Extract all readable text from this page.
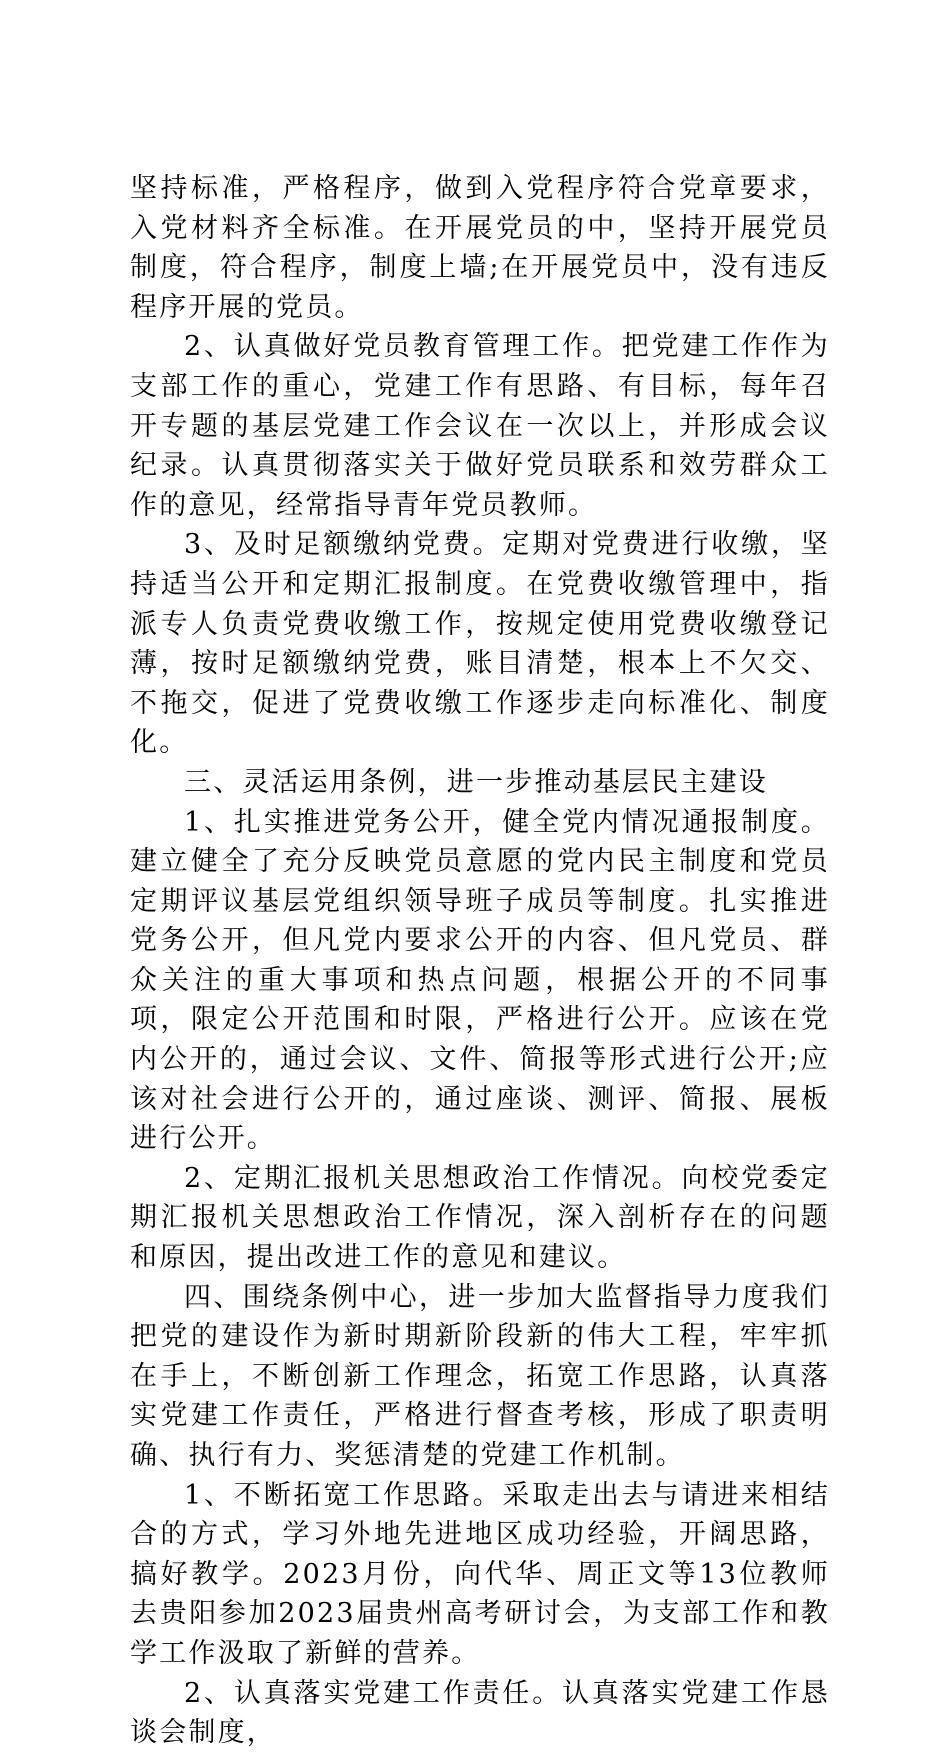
坚持标准，严格程序，做到入党程序符合党章要求，入党材料齐全标准。在开展党员的中，坚持开展党员制度，符合程序，制度上墙;在开展党员中，没有违反程序开展的党员。

2、认真做好党员教育管理工作。把党建工作作为支部工作的重心，党建工作有思路、有目标，每年召开专题的基层党建工作会议在一次以上，并形成会议纪录。认真贯彻落实关于做好党员联系和效劳群众工作的意见，经常指导青年党员教师。

3、及时足额缴纳党费。定期对党费进行收缴，坚持适当公开和定期汇报制度。在党费收缴管理中，指派专人负责党费收缴工作，按规定使用党费收缴登记薄，按时足额缴纳党费，账目清楚，根本上不欠交、不拖交，促进了党费收缴工作逐步走向标准化、制度化。

三、灵活运用条例，进一步推动基层民主建设

1、扎实推进党务公开，健全党内情况通报制度。建立健全了充分反映党员意愿的党内民主制度和党员定期评议基层党组织领导班子成员等制度。扎实推进党务公开，但凡党内要求公开的内容、但凡党员、群众关注的重大事项和热点问题，根据公开的不同事项，限定公开范围和时限，严格进行公开。应该在党内公开的，通过会议、文件、简报等形式进行公开;应该对社会进行公开的，通过座谈、测评、简报、展板进行公开。

2、定期汇报机关思想政治工作情况。向校党委定期汇报机关思想政治工作情况，深入剖析存在的问题和原因，提出改进工作的意见和建议。

四、围绕条例中心，进一步加大监督指导力度我们把党的建设作为新时期新阶段新的伟大工程，牢牢抓在手上，不断创新工作理念，拓宽工作思路，认真落实党建工作责任，严格进行督查考核，形成了职责明确、执行有力、奖惩清楚的党建工作机制。

1、不断拓宽工作思路。采取走出去与请进来相结合的方式，学习外地先进地区成功经验，开阔思路，搞好教学。2023月份，向代华、周正文等13位教师去贵阳参加2023届贵州高考研讨会，为支部工作和教学工作汲取了新鲜的营养。

2、认真落实党建工作责任。认真落实党建工作恳谈会制度，
